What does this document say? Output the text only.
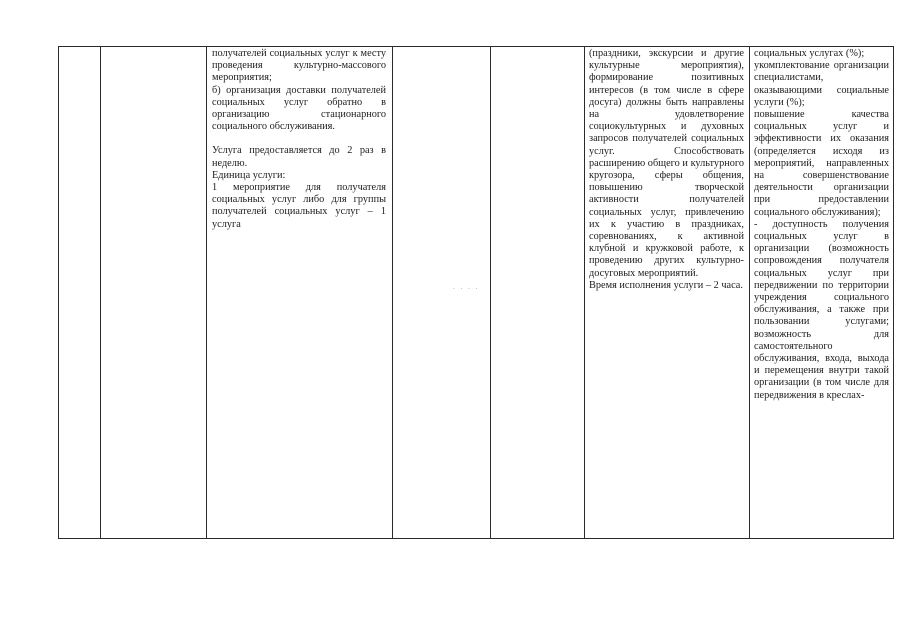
получателей социальных услуг к месту проведения культурно-массового мероприятия;

б) организация доставки получателей социальных услуг обратно в организацию стационарного социального обслуживания.

Услуга предоставляется до 2 раз в неделю.

Единица услуги:

1 мероприятие для получателя социальных услуг либо для группы получателей социальных услуг – 1 услуга

(праздники, экскурсии и другие культурные мероприятия), формирование позитивных интересов (в том числе в сфере досуга) должны быть направлены на удовлетворение социокультурных и духовных запросов получателей социальных услуг. Способствовать расширению общего и культурного кругозора, сферы общения, повышению творческой активности получателей социальных услуг, привлечению их к участию в праздниках, соревнованиях, к активной клубной и кружковой работе, к проведению других культурно-досуговых мероприятий.

Время исполнения услуги – 2 часа.

социальных услугах (%);

укомплектование организации специалистами, оказывающими социальные услуги (%);

повышение качества социальных услуг и эффективности их оказания (определяется исходя из мероприятий, направленных на совершенствование деятельности организации при предоставлении социального обслуживания);

- доступность получения социальных услуг в организации (возможность сопровождения получателя социальных услуг при передвижении по территории учреждения социального обслуживания, а также при пользовании услугами; возможность для самостоятельного обслуживания, входа, выхода и перемещения внутри такой организации (в том числе для передвижения в креслах-

. . . .
